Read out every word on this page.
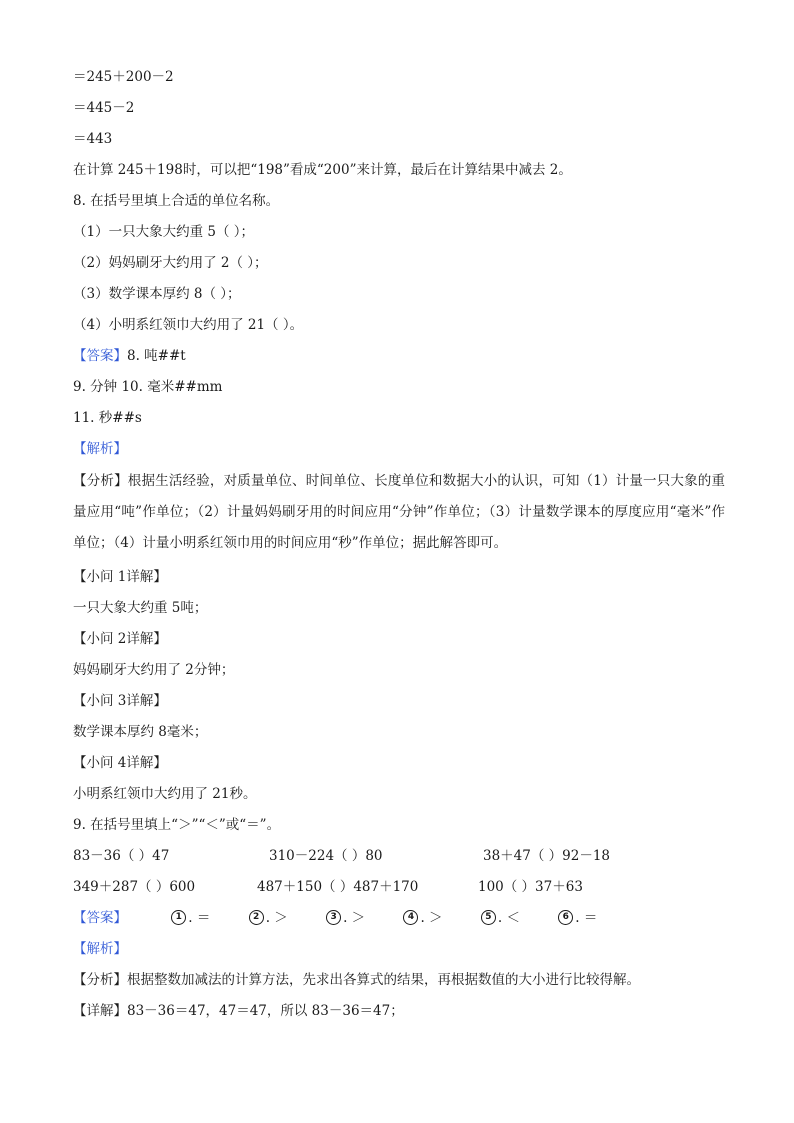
＝245＋200－2
＝445－2
＝443
在计算 245＋198时，可以把“198”看成“200”来计算，最后在计算结果中减去 2。
8. 在括号里填上合适的单位名称。
（1）一只大象大约重 5（ ）；
（2）妈妈刷牙大约用了 2（ ）；
（3）数学课本厚约 8（ ）；
（4）小明系红领巾大约用了 21（ ）。
【答案】8. 吨##t
9. 分钟 10. 毫米##mm
11. 秒##s
【解析】
【分析】根据生活经验，对质量单位、时间单位、长度单位和数据大小的认识，可知（1）计量一只大象的重量应用“吨”作单位；（2）计量妈妈刷牙用的时间应用“分钟”作单位；（3）计量数学课本的厚度应用“毫米”作单位；（4）计量小明系红领巾用的时间应用“秒”作单位；据此解答即可。
【小问 1详解】
一只大象大约重 5吨；
【小问 2详解】
妈妈刷牙大约用了 2分钟；
【小问 3详解】
数学课本厚约 8毫米；
【小问 4详解】
小明系红领巾大约用了 21秒。
9. 在括号里填上“＞”“＜”或“＝”。
83－36（ ）47	310－224（ ）80	38＋47（ ）92－18
349＋287（ ）600	487＋150（ ）487＋170	100（ ）37＋63
【答案】	1 . ＝	2 . ＞	3 . ＞	4 . ＞	5 . ＜	6 . ＝
【解析】
【分析】根据整数加减法的计算方法，先求出各算式的结果，再根据数值的大小进行比较得解。
【详解】83－36＝47，47＝47，所以 83－36＝47；
